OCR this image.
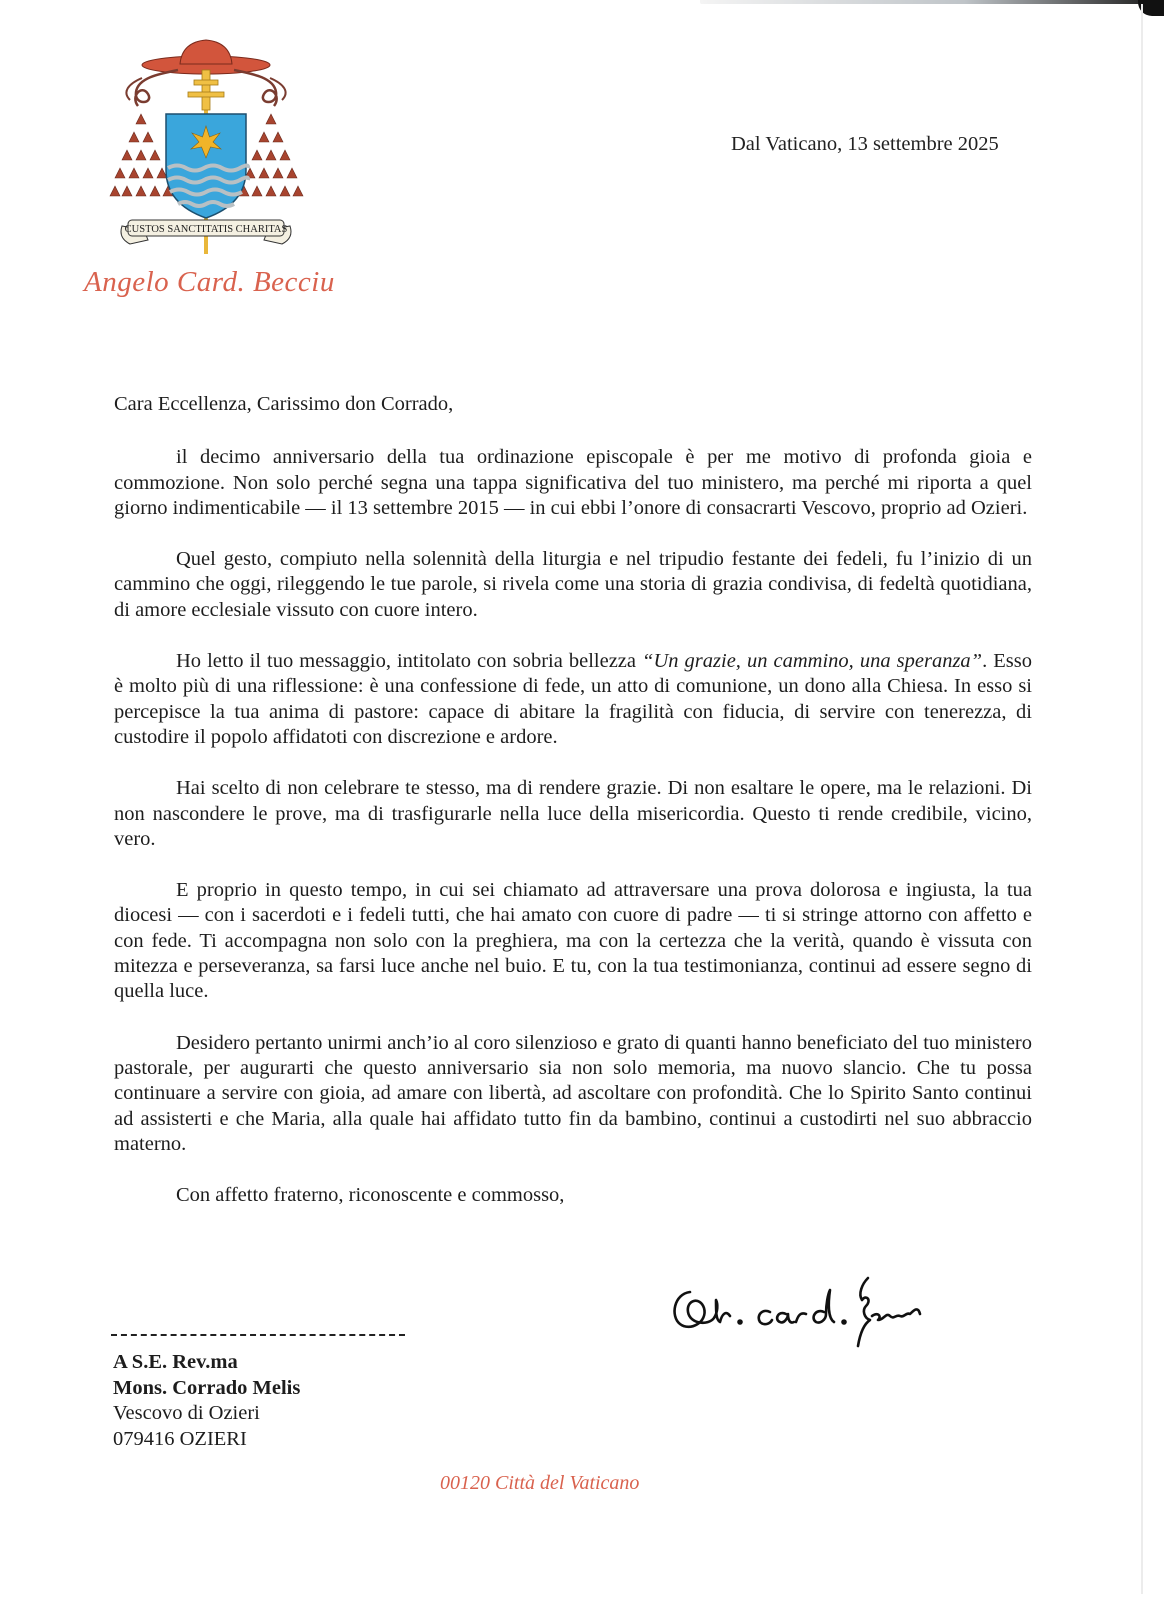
CUSTOS SANCTITATIS CHARITAS
Angelo Card. Becciu
Dal Vaticano, 13 settembre 2025

Cara Eccellenza, Carissimo don Corrado,

il decimo anniversario della tua ordinazione episcopale è per me motivo di profonda gioia e commozione. Non solo perché segna una tappa significativa del tuo ministero, ma perché mi riporta a quel giorno indimenticabile — il 13 settembre 2015 — in cui ebbi l’onore di consacrarti Vescovo, proprio ad Ozieri.

Quel gesto, compiuto nella solennità della liturgia e nel tripudio festante dei fedeli, fu l’inizio di un cammino che oggi, rileggendo le tue parole, si rivela come una storia di grazia condivisa, di fedeltà quotidiana, di amore ecclesiale vissuto con cuore intero.

Ho letto il tuo messaggio, intitolato con sobria bellezza “Un grazie, un cammino, una speranza”. Esso è molto più di una riflessione: è una confessione di fede, un atto di comunione, un dono alla Chiesa. In esso si percepisce la tua anima di pastore: capace di abitare la fragilità con fiducia, di servire con tenerezza, di custodire il popolo affidatoti con discrezione e ardore.

Hai scelto di non celebrare te stesso, ma di rendere grazie. Di non esaltare le opere, ma le relazioni. Di non nascondere le prove, ma di trasfigurarle nella luce della misericordia. Questo ti rende credibile, vicino, vero.

E proprio in questo tempo, in cui sei chiamato ad attraversare una prova dolorosa e ingiusta, la tua diocesi — con i sacerdoti e i fedeli tutti, che hai amato con cuore di padre — ti si stringe attorno con affetto e con fede. Ti accompagna non solo con la preghiera, ma con la certezza che la verità, quando è vissuta con mitezza e perseveranza, sa farsi luce anche nel buio. E tu, con la tua testimonianza, continui ad essere segno di quella luce.

Desidero pertanto unirmi anch’io al coro silenzioso e grato di quanti hanno beneficiato del tuo ministero pastorale, per augurarti che questo anniversario sia non solo memoria, ma nuovo slancio. Che tu possa continuare a servire con gioia, ad amare con libertà, ad ascoltare con profondità. Che lo Spirito Santo continui ad assisterti e che Maria, alla quale hai affidato tutto fin da bambino, continui a custodirti nel suo abbraccio materno.

Con affetto fraterno, riconoscente e commosso,

A S.E. Rev.ma
Mons. Corrado Melis
Vescovo di Ozieri
079416 OZIERI
00120 Città del Vaticano
